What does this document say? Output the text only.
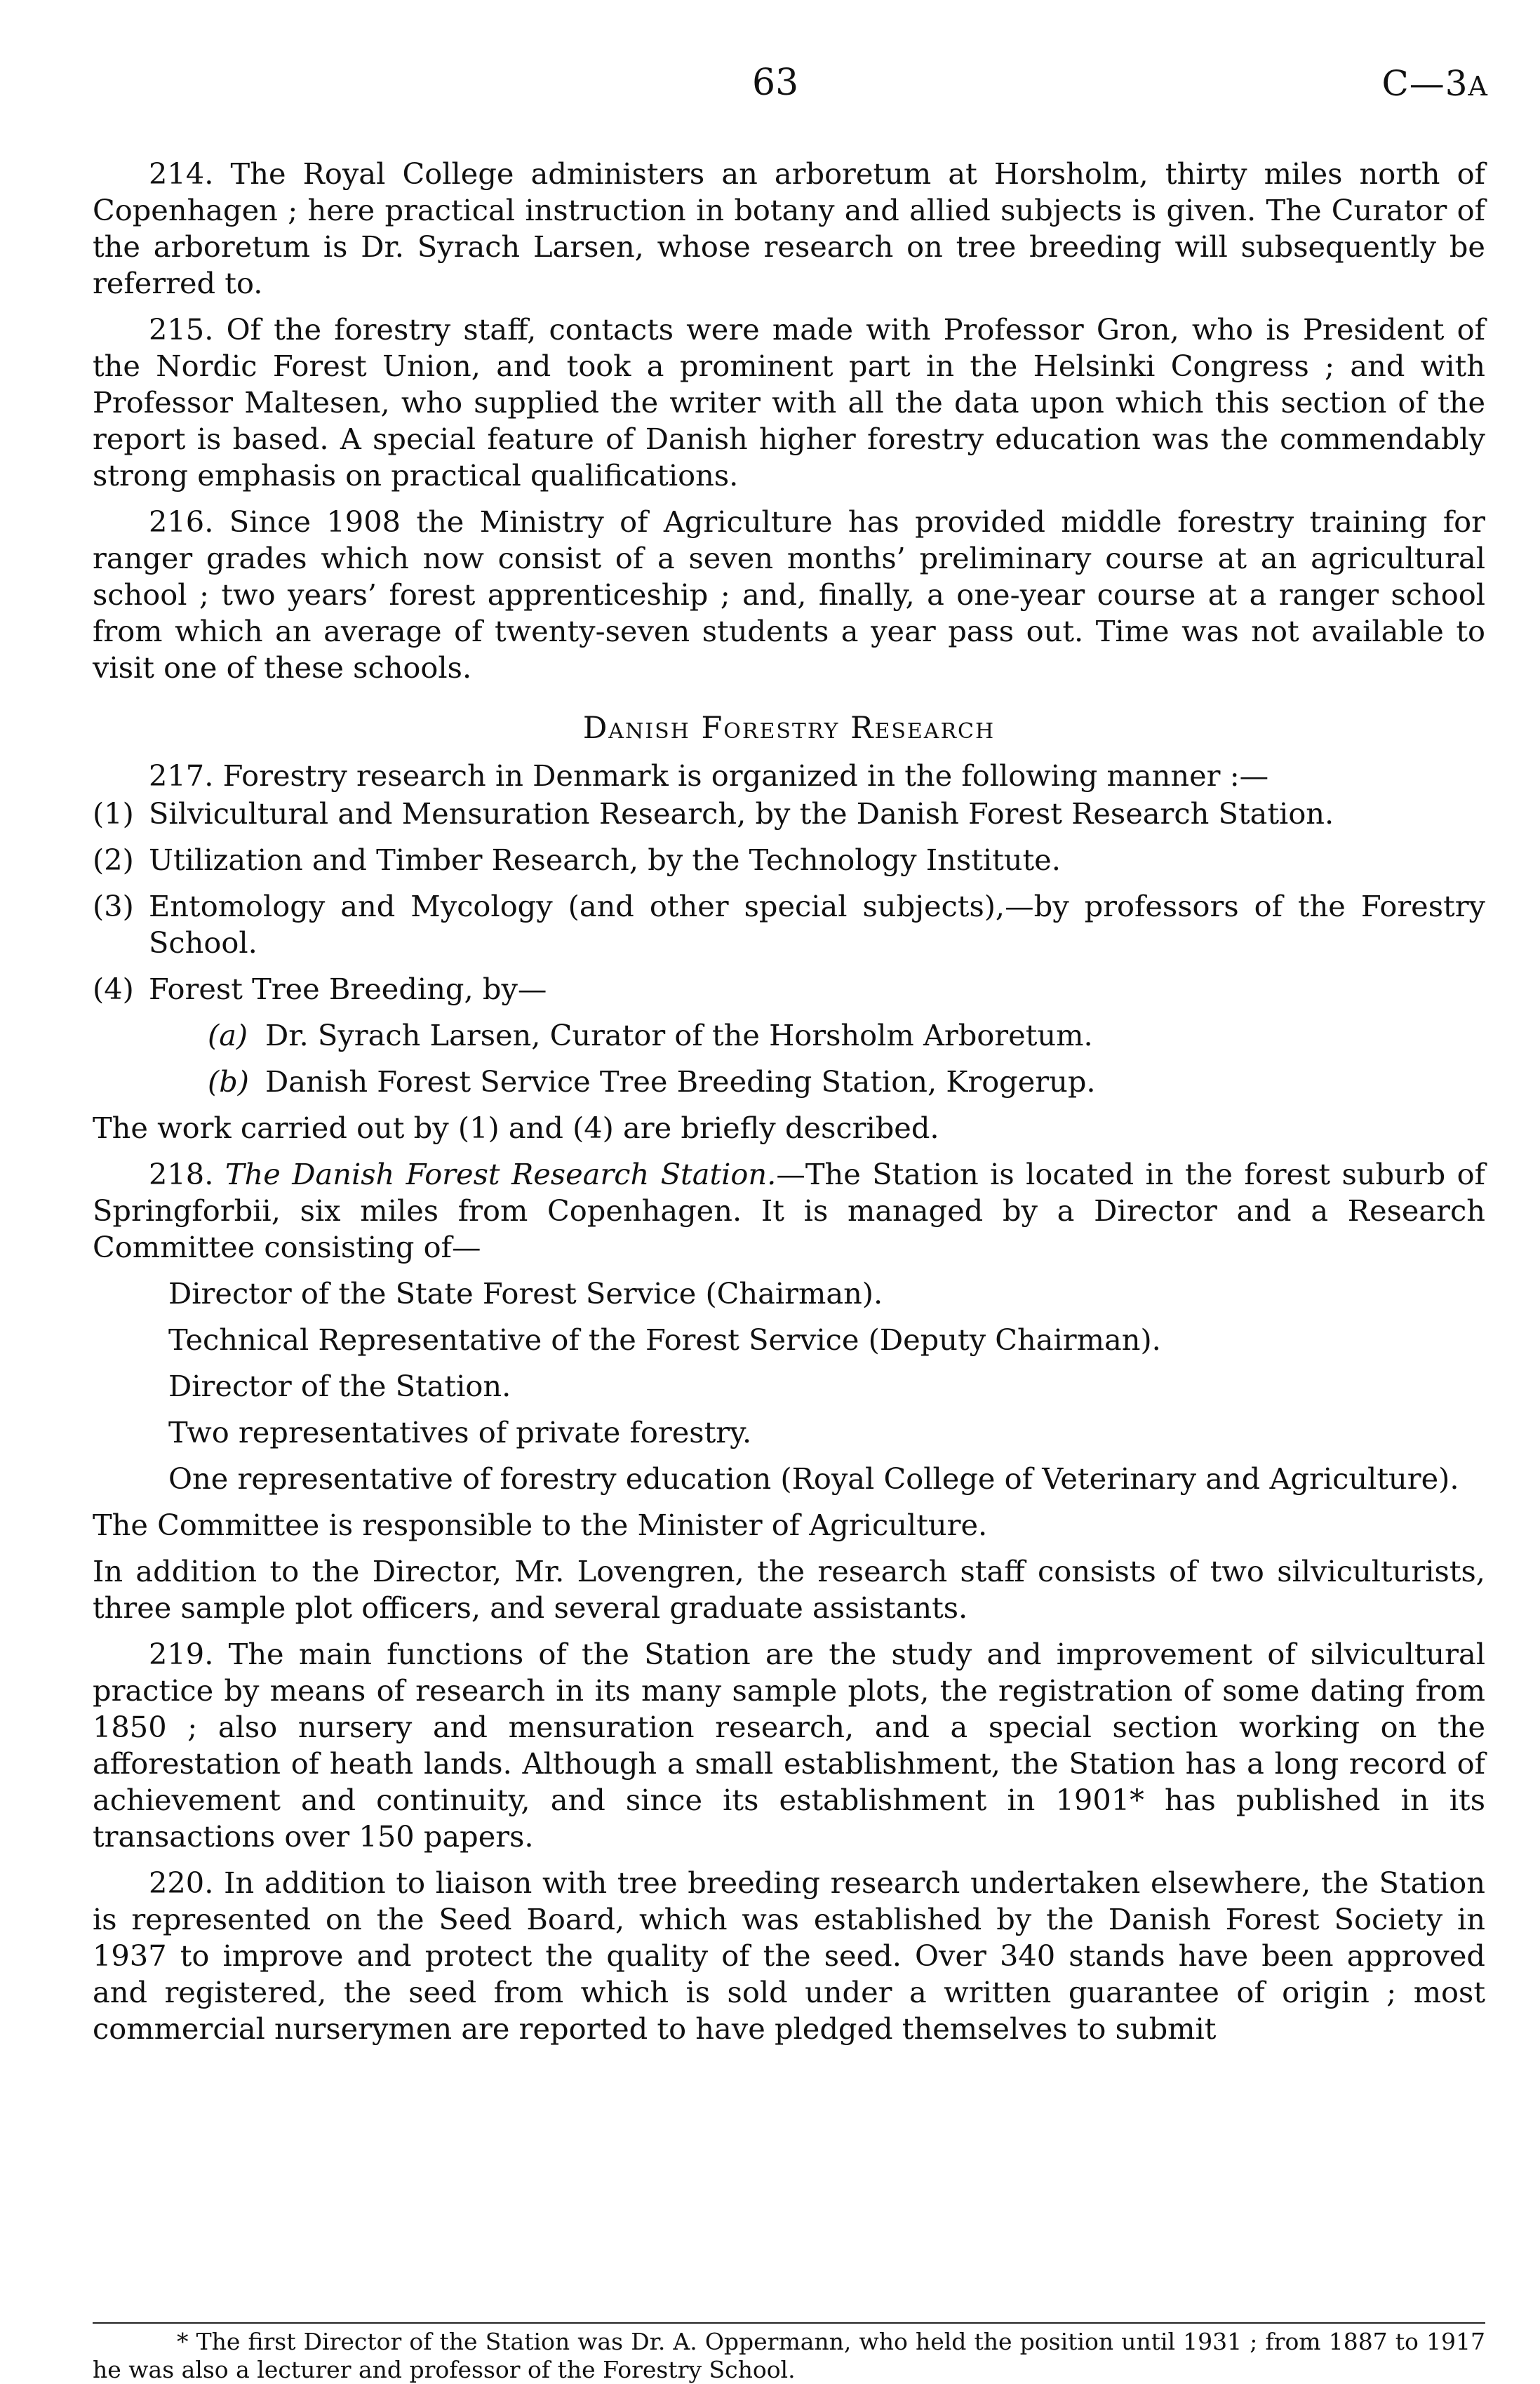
63	C—3A

214. The Royal College administers an arboretum at Horsholm, thirty miles north of Copenhagen ; here practical instruction in botany and allied subjects is given. The Curator of the arboretum is Dr. Syrach Larsen, whose research on tree breeding will subsequently be referred to.

215. Of the forestry staff, contacts were made with Professor Gron, who is President of the Nordic Forest Union, and took a prominent part in the Helsinki Congress ; and with Professor Maltesen, who supplied the writer with all the data upon which this section of the report is based. A special feature of Danish higher forestry education was the commendably strong emphasis on practical qualifications.

216. Since 1908 the Ministry of Agriculture has provided middle forestry training for ranger grades which now consist of a seven months’ preliminary course at an agricultural school ; two years’ forest apprenticeship ; and, finally, a one-year course at a ranger school from which an average of twenty-seven students a year pass out. Time was not available to visit one of these schools.

Danish Forestry Research

217. Forestry research in Denmark is organized in the following manner :—

(1) Silvicultural and Mensuration Research, by the Danish Forest Research Station.

(2) Utilization and Timber Research, by the Technology Institute.

(3) Entomology and Mycology (and other special subjects),—by professors of the Forestry School.

(4) Forest Tree Breeding, by—

(a) Dr. Syrach Larsen, Curator of the Horsholm Arboretum.

(b) Danish Forest Service Tree Breeding Station, Krogerup.

The work carried out by (1) and (4) are briefly described.

218. The Danish Forest Research Station.—The Station is located in the forest suburb of Springforbii, six miles from Copenhagen. It is managed by a Director and a Research Committee consisting of—

Director of the State Forest Service (Chairman).

Technical Representative of the Forest Service (Deputy Chairman).

Director of the Station.

Two representatives of private forestry.

One representative of forestry education (Royal College of Veterinary and Agriculture).

The Committee is responsible to the Minister of Agriculture.

In addition to the Director, Mr. Lovengren, the research staff consists of two silviculturists, three sample plot officers, and several graduate assistants.

219. The main functions of the Station are the study and improvement of silvicultural practice by means of research in its many sample plots, the registration of some dating from 1850 ; also nursery and mensuration research, and a special section working on the afforestation of heath lands. Although a small establishment, the Station has a long record of achievement and continuity, and since its establishment in 1901* has published in its transactions over 150 papers.

220. In addition to liaison with tree breeding research undertaken elsewhere, the Station is represented on the Seed Board, which was established by the Danish Forest Society in 1937 to improve and protect the quality of the seed. Over 340 stands have been approved and registered, the seed from which is sold under a written guarantee of origin ; most commercial nurserymen are reported to have pledged themselves to submit

* The first Director of the Station was Dr. A. Oppermann, who held the position until 1931 ; from 1887 to 1917 he was also a lecturer and professor of the Forestry School.
